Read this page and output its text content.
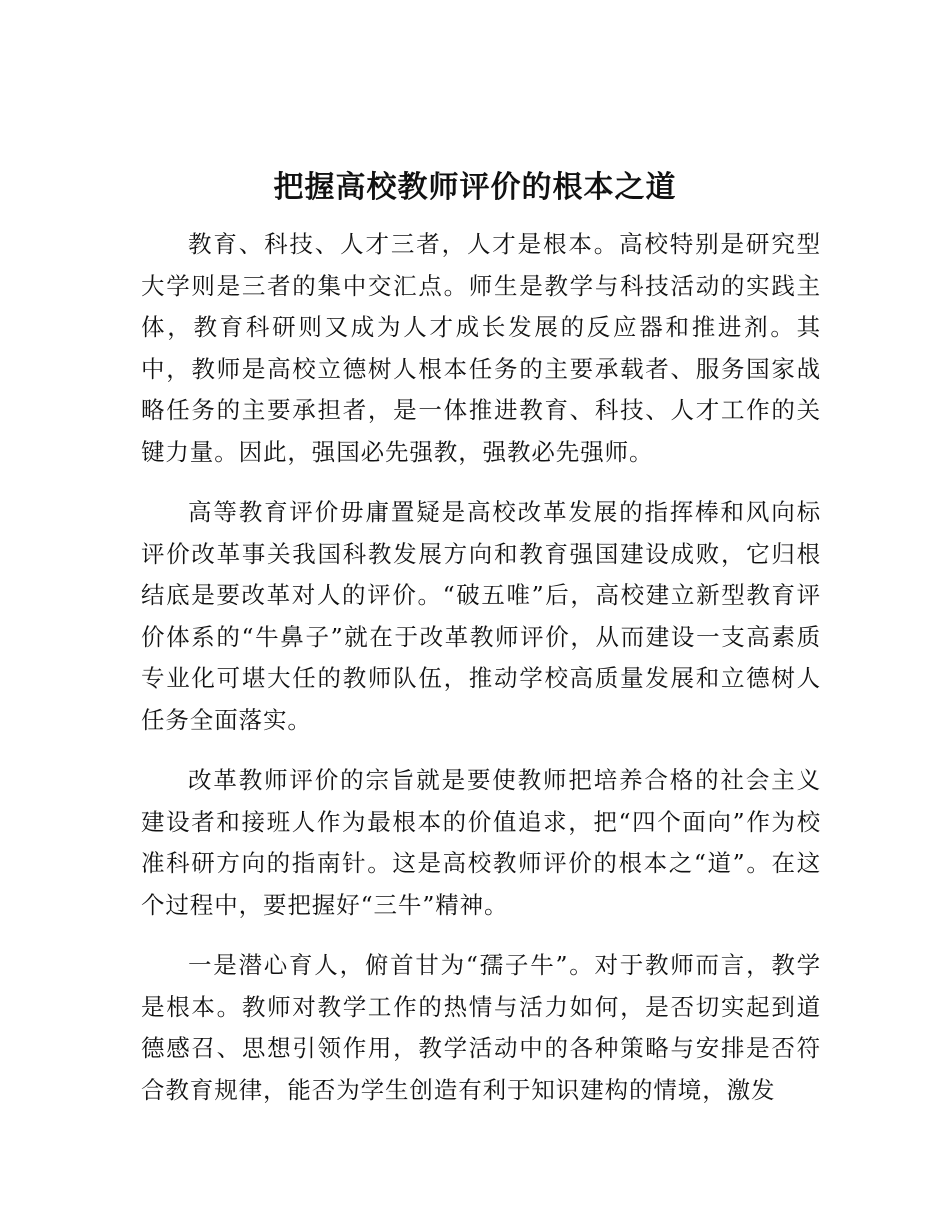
把握高校教师评价的根本之道

教育、科技、人才三者，人才是根本。高校特别是研究型大学则是三者的集中交汇点。师生是教学与科技活动的实践主体，教育科研则又成为人才成长发展的反应器和推进剂。其中，教师是高校立德树人根本任务的主要承载者、服务国家战略任务的主要承担者，是一体推进教育、科技、人才工作的关键力量。因此，强国必先强教，强教必先强师。

高等教育评价毋庸置疑是高校改革发展的指挥棒和风向标评价改革事关我国科教发展方向和教育强国建设成败，它归根结底是要改革对人的评价。“破五唯”后，高校建立新型教育评价体系的“牛鼻子”就在于改革教师评价，从而建设一支高素质专业化可堪大任的教师队伍，推动学校高质量发展和立德树人任务全面落实。

改革教师评价的宗旨就是要使教师把培养合格的社会主义建设者和接班人作为最根本的价值追求，把“四个面向”作为校准科研方向的指南针。这是高校教师评价的根本之“道”。在这个过程中，要把握好“三牛”精神。

一是潜心育人，俯首甘为“孺子牛”。对于教师而言，教学是根本。教师对教学工作的热情与活力如何，是否切实起到道德感召、思想引领作用，教学活动中的各种策略与安排是否符合教育规律，能否为学生创造有利于知识建构的情境，激发
